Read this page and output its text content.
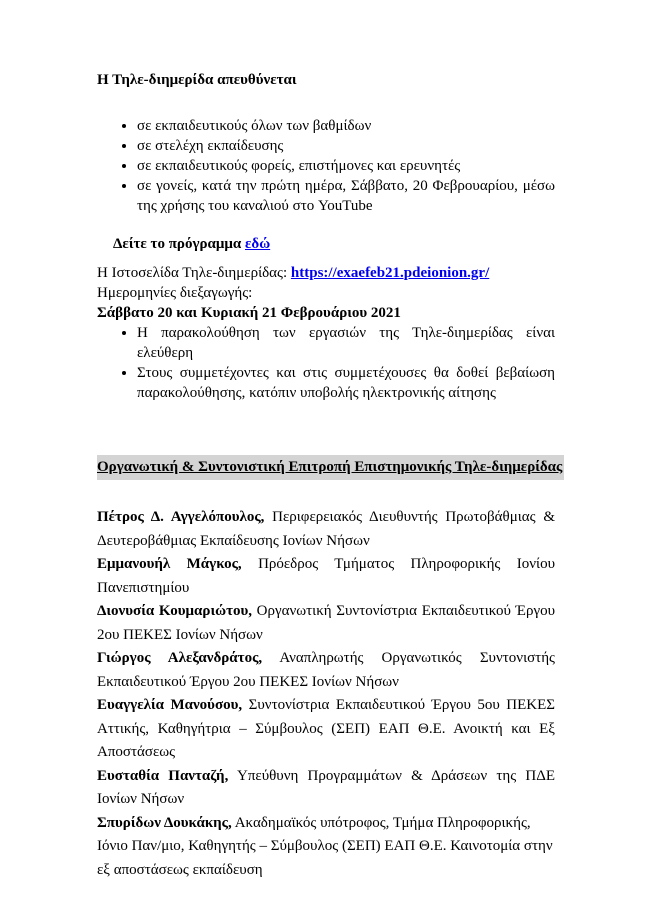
Η Τηλε-διημερίδα απευθύνεται

• σε εκπαιδευτικούς όλων των βαθμίδων
• σε στελέχη εκπαίδευσης
• σε εκπαιδευτικούς φορείς, επιστήμονες και ερευνητές
• σε γονείς, κατά την πρώτη ημέρα, Σάββατο, 20 Φεβρουαρίου, μέσω της χρήσης του καναλιού στο YouTube

Δείτε το πρόγραμμα εδώ

Η Ιστοσελίδα Τηλε-διημερίδας: https://exaefeb21.pdeionion.gr/

Ημερομηνίες διεξαγωγής:

Σάββατο 20 και Κυριακή 21 Φεβρουάριου 2021

• Η παρακολούθηση των εργασιών της Τηλε-διημερίδας είναι ελεύθερη
• Στους συμμετέχοντες και στις συμμετέχουσες θα δοθεί βεβαίωση παρακολούθησης, κατόπιν υποβολής ηλεκτρονικής αίτησης
Οργανωτική & Συντονιστική Επιτροπή Επιστημονικής Τηλε-διημερίδας

Πέτρος Δ. Αγγελόπουλος, Περιφερειακός Διευθυντής Πρωτοβάθμιας & Δευτεροβάθμιας Εκπαίδευσης Ιονίων Νήσων

Εμμανουήλ Μάγκος, Πρόεδρος Τμήματος Πληροφορικής Ιονίου Πανεπιστημίου

Διονυσία Κουμαριώτου, Οργανωτική Συντονίστρια Εκπαιδευτικού Έργου 2ου ΠΕΚΕΣ Ιονίων Νήσων

Γιώργος Αλεξανδράτος, Αναπληρωτής Οργανωτικός Συντονιστής Εκπαιδευτικού Έργου 2ου ΠΕΚΕΣ Ιονίων Νήσων

Ευαγγελία Μανούσου, Συντονίστρια Εκπαιδευτικού Έργου 5ου ΠΕΚΕΣ Αττικής, Καθηγήτρια – Σύμβουλος (ΣΕΠ) ΕΑΠ Θ.Ε. Ανοικτή και Εξ Αποστάσεως

Ευσταθία Πανταζή, Υπεύθυνη Προγραμμάτων & Δράσεων της ΠΔΕ Ιονίων Νήσων

Σπυρίδων Δουκάκης, Ακαδημαϊκός υπότροφος, Τμήμα Πληροφορικής, Ιόνιο Παν/μιο, Καθηγητής – Σύμβουλος (ΣΕΠ) ΕΑΠ Θ.Ε. Καινοτομία στην εξ αποστάσεως εκπαίδευση
